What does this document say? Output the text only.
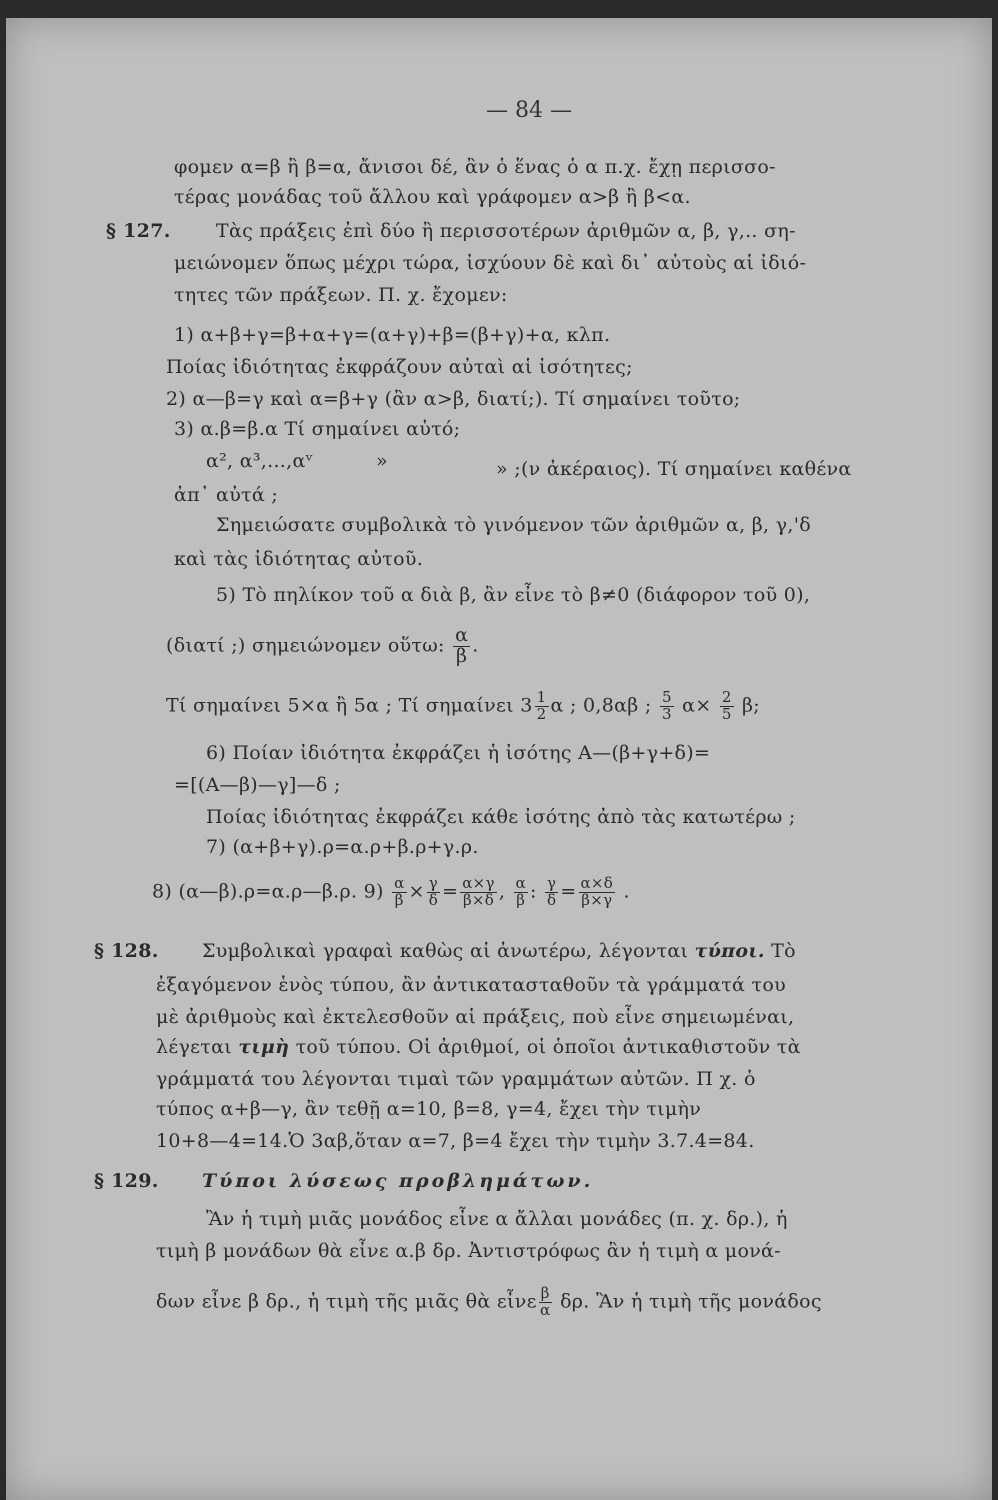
— 84 —
φομεν α=β ἢ β=α, ἄνισοι δέ, ἂν ὁ ἕνας ὁ α π.χ. ἔχῃ περισσο-
τέρας μονάδας τοῦ ἄλλου καὶ γράφομεν α>β ἢ β<α.
§ 127. Τὰς πράξεις ἐπὶ δύο ἢ περισσοτέρων ἀριθμῶν α, β, γ,.. ση-
μειώνομεν ὅπως μέχρι τώρα, ἰσχύουν δὲ καὶ δι᾽ αὐτοὺς αἱ ἰδιό-
τητες τῶν πράξεων. Π. χ. ἔχομεν:
1) α+β+γ=β+α+γ=(α+γ)+β=(β+γ)+α, κλπ.
Ποίας ἰδιότητας ἐκφράζουν αὐταὶ αἱ ἰσότητες;
2) α—β=γ καὶ α=β+γ (ἂν α>β, διατί;). Τί σημαίνει τοῦτο;
3) α.β=β.α Τί σημαίνει αὐτό;
α², α³,...,αᵛ	»	» ;(ν ἀκέραιος). Τί σημαίνει καθένα
ἀπ᾽ αὐτά ;
Σημειώσατε συμβολικὰ τὸ γινόμενον τῶν ἀριθμῶν α, β, γ,'δ
καὶ τὰς ἰδιότητας αὐτοῦ.
5) Τὸ πηλίκον τοῦ α διὰ β, ἂν εἶνε τὸ β≠0 (διάφορον τοῦ 0),
(διατί ;) σημειώνομεν οὕτω: $\frac{\alpha}{\beta}$ .
Τί σημαίνει 5×α ἢ 5α ; Τί σημαίνει $3 \frac{1}{2}$ α ; 0,8αβ ; $\frac{5}{3} \alpha\times \frac{2}{5} \beta$;
6) Ποίαν ἰδιότητα ἐκφράζει ἡ ἰσότης Α—(β+γ+δ)=
=[(Α—β)—γ]—δ ;
Ποίας ἰδιότητας ἐκφράζει κάθε ἰσότης ἀπὸ τὰς κατωτέρω ;
7) (α+β+γ).ρ=α.ρ+β.ρ+γ.ρ.
8) (α—β).ρ=α.ρ—β.ρ. $9) \frac{\alpha}{\beta} \times \frac{\gamma}{\delta} = \frac{\alpha\times\gamma}{\beta\times\delta}$ , $\frac{\alpha}{\beta}$ : $\frac{\gamma}{\delta} = \frac{\alpha\times\delta}{\beta\times\gamma}$ .
§ 128. Συμβολικαὶ γραφαὶ καθὼς αἱ ἀνωτέρω, λέγονται τύποι. Τὸ
ἐξαγόμενον ἑνὸς τύπου, ἂν ἀντικατασταθοῦν τὰ γράμματά του
μὲ ἀριθμοὺς καὶ ἐκτελεσθοῦν αἱ πράξεις, ποὺ εἶνε σημειωμέναι,
λέγεται τιμὴ τοῦ τύπου. Οἱ ἀριθμοί, οἱ ὁποῖοι ἀντικαθιστοῦν τὰ
γράμματά του λέγονται τιμαὶ τῶν γραμμάτων αὐτῶν. Π χ. ὁ
τύπος α+β—γ, ἂν τεθῇ α=10, β=8, γ=4, ἔχει τὴν τιμὴν
10+8—4=14.Ὁ 3αβ,ὅταν α=7, β=4 ἔχει τὴν τιμὴν 3.7.4=84.
§ 129. Τύποι λύσεως προβλημάτων.
Ἂν ἡ τιμὴ μιᾶς μονάδος εἶνε α ἄλλαι μονάδες (π. χ. δρ.), ἡ
τιμὴ β μονάδων θὰ εἶνε α.β δρ. Ἀντιστρόφως ἂν ἡ τιμὴ α μονά-
δων εἶνε β δρ., ἡ τιμὴ τῆς μιᾶς θὰ εἶνε $\frac{\beta}{\alpha} \delta\rho$. Ἂν ἡ τιμὴ τῆς μονάδος
